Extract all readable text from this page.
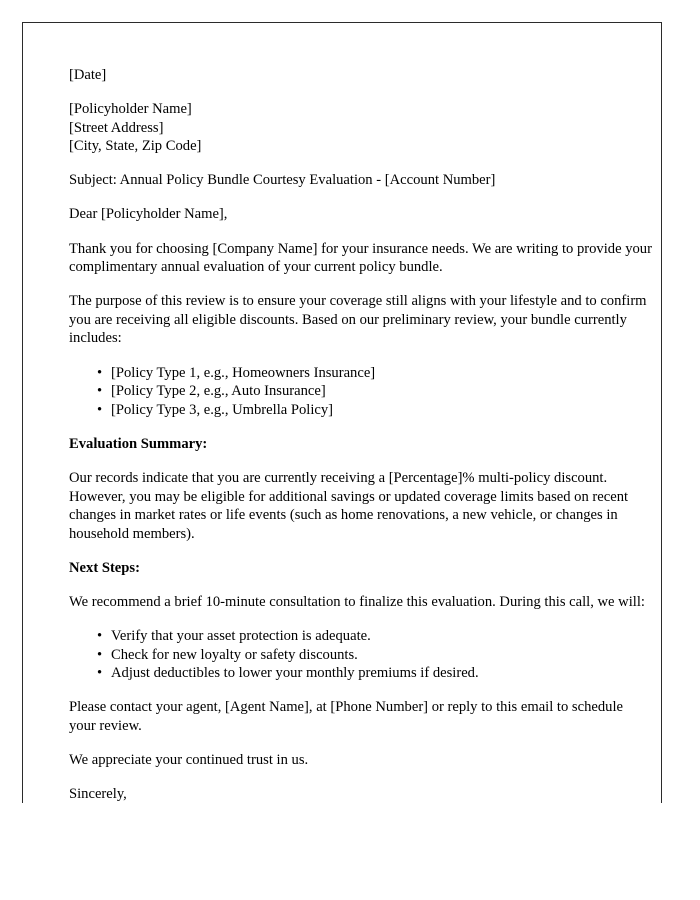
[Date]

[Policyholder Name]
[Street Address]
[City, State, Zip Code]

Subject: Annual Policy Bundle Courtesy Evaluation - [Account Number]

Dear [Policyholder Name],

Thank you for choosing [Company Name] for your insurance needs. We are writing to provide your complimentary annual evaluation of your current policy bundle.

The purpose of this review is to ensure your coverage still aligns with your lifestyle and to confirm you are receiving all eligible discounts. Based on our preliminary review, your bundle currently includes:

• [Policy Type 1, e.g., Homeowners Insurance]
• [Policy Type 2, e.g., Auto Insurance]
• [Policy Type 3, e.g., Umbrella Policy]

Evaluation Summary:

Our records indicate that you are currently receiving a [Percentage]% multi-policy discount. However, you may be eligible for additional savings or updated coverage limits based on recent changes in market rates or life events (such as home renovations, a new vehicle, or changes in household members).

Next Steps:

We recommend a brief 10-minute consultation to finalize this evaluation. During this call, we will:

• Verify that your asset protection is adequate.
• Check for new loyalty or safety discounts.
• Adjust deductibles to lower your monthly premiums if desired.

Please contact your agent, [Agent Name], at [Phone Number] or reply to this email to schedule your review.

We appreciate your continued trust in us.

Sincerely,
